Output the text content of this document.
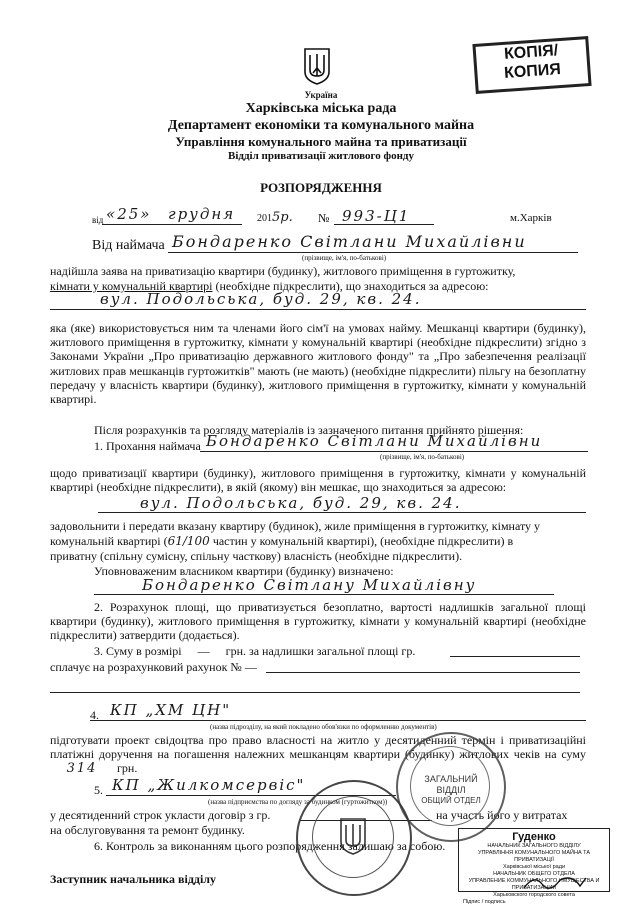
КОПІЯ/
КОПИЯ
Україна
Харківська міська рада
Департамент економіки та комунального майна
Управління комунального майна та приватизації
Відділ приватизації житлового фонду
РОЗПОРЯДЖЕННЯ
від «25» грудня 2015р. № 993-Ц1	м.Харків
Від наймача Бондаренко Світлани Михайлівни
(прізвище, ім'я, по-батькові)
надійшла заява на приватизацію квартири (будинку), житлового приміщення в гуртожитку,
кімнати у комунальній квартирі (необхідне підкреслити), що знаходиться за адресою:
вул. Подольська, буд. 29, кв. 24.
яка (яке) використовується ним та членами його сім'ї на умовах найму. Мешканці квартири (будинку), житлового приміщення в гуртожитку, кімнати у комунальній квартирі (необхідне підкреслити) згідно з Законами України „Про приватизацію державного житлового фонду" та „Про забезпечення реалізації житлових прав мешканців гуртожитків" мають (не мають) (необхідне підкреслити) пільгу на безоплатну передачу у власність квартири (будинку), житлового приміщення в гуртожитку, кімнати у комунальній квартирі.
Після розрахунків та розгляду матеріалів із зазначеного питання прийнято рішення:
1. Прохання наймача Бондаренко Світлани Михайлівни
(прізвище, ім'я, по-батькові)
щодо приватизації квартири (будинку), житлового приміщення в гуртожитку, кімнати у комунальній квартирі (необхідне підкреслити), в якій (якому) він мешкає, що знаходиться за адресою:
вул. Подольська, буд. 29, кв. 24.
задовольнити і передати вказану квартиру (будинок), жиле приміщення в гуртожитку, кімнату у
комунальній квартирі (61/100 частин у комунальній квартирі), (необхідне підкреслити) в
приватну (спільну сумісну, спільну часткову) власність (необхідне підкреслити).
Уповноваженим власником квартири (будинку) визначено:
Бондаренко Світлану Михайлівну
2. Розрахунок площі, що приватизується безоплатно, вартості надлишків загальної площі квартири (будинку), житлового приміщення в гуртожитку, кімнати у комунальній квартирі (необхідне підкреслити) затвердити (додається).
3. Суму в розмірі — грн. за надлишки загальної площі гр.
сплачує на розрахунковий рахунок № —
4. КП „ХМ ЦН"
(назва підрозділу, на який покладено обов'язки по оформленню документів)
підготувати проект свідоцтва про право власності на житло у десятиденний термін і приватизаційні платіжні доручення на погашення належних мешканцям квартири (будинку) житлових чеків на суму 314 грн.
5. КП „Жилкомсервіс"
(назва підприємства по догляду за будинком (гуртожитком))
у десятиденний строк укласти договір з гр.	на участь його у витратах
на обслуговування та ремонт будинку.
6. Контроль за виконанням цього розпорядження залишаю за собою.
Заступник начальника відділу
ЗАГАЛЬНИЙ
ВІДДІЛ
ОБЩИЙ ОТДЕЛ
Гуденко
НАЧАЛЬНИК ЗАГАЛЬНОГО ВІДДІЛУ
УПРАВЛІННЯ КОМУНАЛЬНОГО МАЙНА ТА ПРИВАТИЗАЦІЇ
Харківської міської ради
НАЧАЛЬНИК ОБЩЕГО ОТДЕЛА
УПРАВЛЕНИЕ КОММУНАЛЬНОГО ИМУЩЕСТВА И ПРИВАТИЗАЦИИ
Харьковского городского совета
Підпис / подпись
